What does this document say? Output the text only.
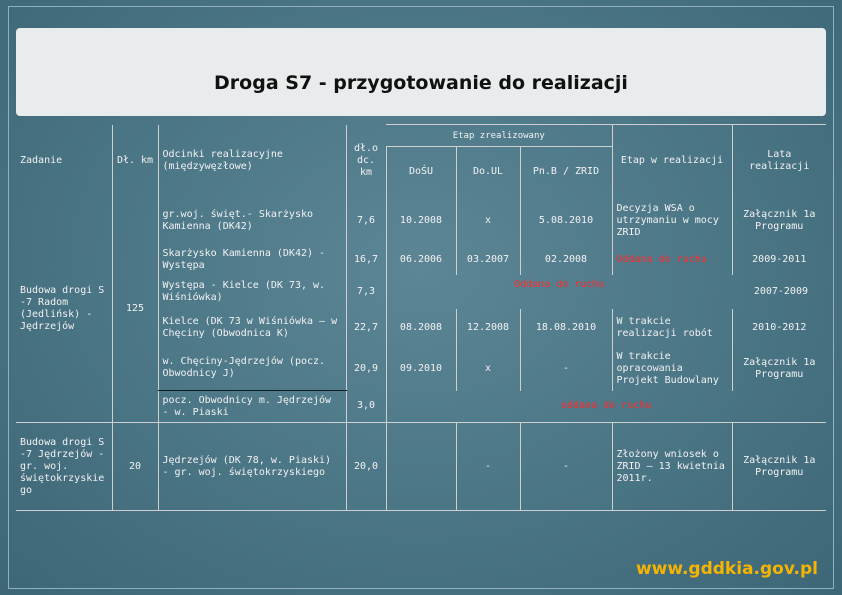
Droga S7 - przygotowanie do realizacji
Zadanie	Dł. km	Odcinki realizacyjne (międzywęzłowe)	dł.o dc. km	Etap zrealizowany			Etap w realizacji	Lata realizacji
				DoŚU	Do.UL	Pn.B / ZRID		
Budowa drogi S -7 Radom (Jedlińsk) - Jędrzejów	125	gr.woj. święt.- Skarżysko Kamienna (DK42)	7,6	10.2008	x	5.08.2010	Decyzja WSA o utrzymaniu w mocy ZRID	Załącznik 1a Programu
		Skarżysko Kamienna (DK42) - Występa	16,7	06.2006	03.2007	02.2008	Oddana do ruchu	2009-2011
		Występa - Kielce (DK 73, w. Wiśniówka)	7,3	Oddana do ruchu				2007-2009
		Kielce (DK 73 w Wiśniówka – w Chęciny (Obwodnica K)	22,7	08.2008	12.2008	18.08.2010	W trakcie realizacji robót	2010-2012
		w. Chęciny-Jędrzejów (pocz. Obwodnicy J)	20,9	09.2010	x	-	W trakcie opracowania Projekt Budowlany	Załącznik 1a Programu
		pocz. Obwodnicy m. Jędrzejów - w. Piaski	3,0	oddana do ruchu				
Budowa drogi S -7 Jędrzejów - gr. woj. świętokrzyskie go	20	Jędrzejów (DK 78, w. Piaski) - gr. woj. świętokrzyskiego	20,0		-	-	Złożony wniosek o ZRID – 13 kwietnia 2011r.	Załącznik 1a Programu
www.gddkia.gov.pl
